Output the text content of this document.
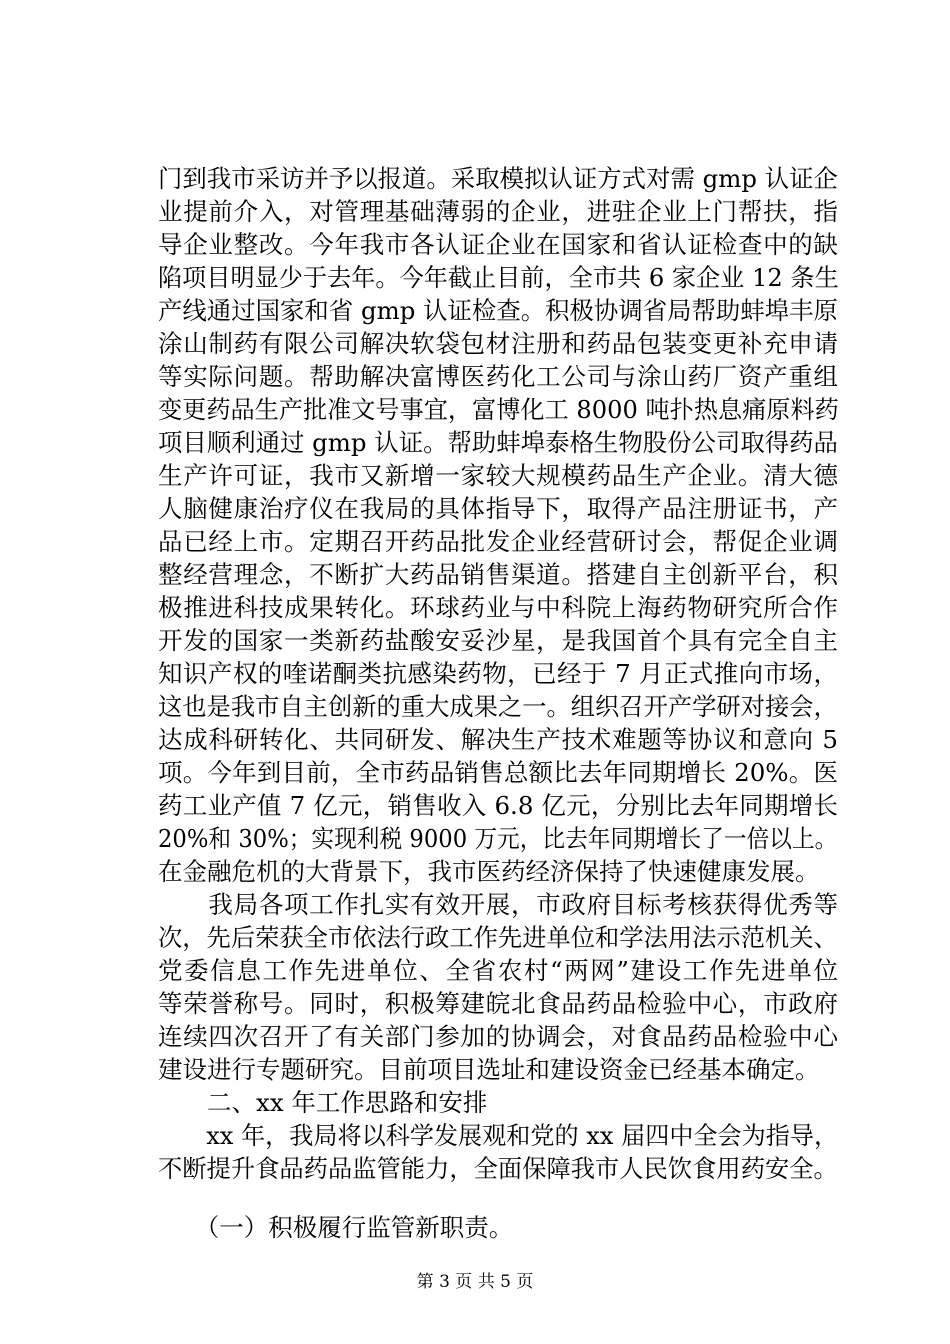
门到我市采访并予以报道。采取模拟认证方式对需 gmp 认证企
业提前介入，对管理基础薄弱的企业，进驻企业上门帮扶，指
导企业整改。今年我市各认证企业在国家和省认证检查中的缺
陷项目明显少于去年。今年截止目前，全市共 6 家企业 12 条生
产线通过国家和省 gmp 认证检查。积极协调省局帮助蚌埠丰原
涂山制药有限公司解决软袋包材注册和药品包装变更补充申请
等实际问题。帮助解决富博医药化工公司与涂山药厂资产重组
变更药品生产批准文号事宜，富博化工 8000 吨扑热息痛原料药
项目顺利通过 gmp 认证。帮助蚌埠泰格生物股份公司取得药品
生产许可证，我市又新增一家较大规模药品生产企业。清大德
人脑健康治疗仪在我局的具体指导下，取得产品注册证书，产
品已经上市。定期召开药品批发企业经营研讨会，帮促企业调
整经营理念，不断扩大药品销售渠道。搭建自主创新平台，积
极推进科技成果转化。环球药业与中科院上海药物研究所合作
开发的国家一类新药盐酸安妥沙星，是我国首个具有完全自主
知识产权的喹诺酮类抗感染药物，已经于 7 月正式推向市场，
这也是我市自主创新的重大成果之一。组织召开产学研对接会，
达成科研转化、共同研发、解决生产技术难题等协议和意向 5
项。今年到目前，全市药品销售总额比去年同期增长 20%。医
药工业产值 7 亿元，销售收入 6.8 亿元，分别比去年同期增长
20%和 30%；实现利税 9000 万元，比去年同期增长了一倍以上。
在金融危机的大背景下，我市医药经济保持了快速健康发展。
　　我局各项工作扎实有效开展，市政府目标考核获得优秀等
次，先后荣获全市依法行政工作先进单位和学法用法示范机关、
党委信息工作先进单位、全省农村“两网”建设工作先进单位
等荣誉称号。同时，积极筹建皖北食品药品检验中心，市政府
连续四次召开了有关部门参加的协调会，对食品药品检验中心
建设进行专题研究。目前项目选址和建设资金已经基本确定。
　　二、xx 年工作思路和安排
　　xx 年，我局将以科学发展观和党的 xx 届四中全会为指导，
不断提升食品药品监管能力，全面保障我市人民饮食用药安全。
　　（一）积极履行监管新职责。
第 3 页 共 5 页
